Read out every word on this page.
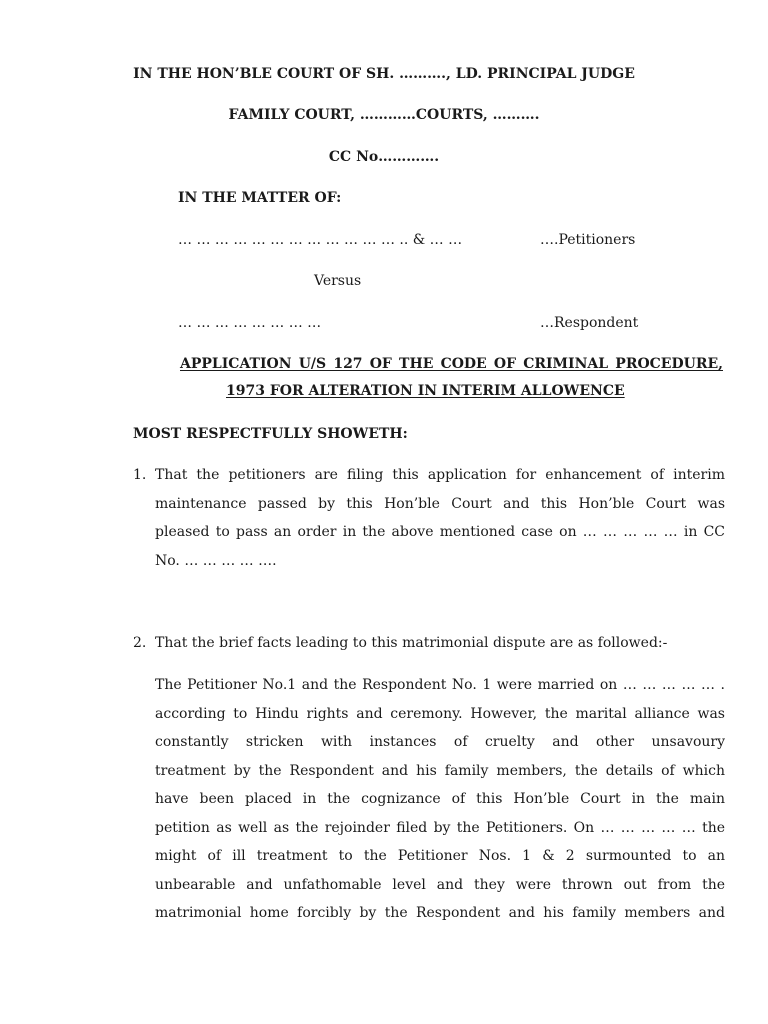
IN THE HON’BLE COURT OF SH. ………., LD. PRINCIPAL JUDGE
FAMILY COURT, …………COURTS, ……….
CC No………….
IN THE MATTER OF:
… … … … … … … … … … … … .. & … …	….Petitioners
Versus
… … … … … … … …	…Respondent
APPLICATION U/S 127 OF THE CODE OF CRIMINAL PROCEDURE,
1973 FOR ALTERATION IN INTERIM ALLOWENCE
MOST RESPECTFULLY SHOWETH:
1. That the petitioners are filing this application for enhancement of interim
maintenance passed by this Hon’ble Court and this Hon’ble Court was
pleased to pass an order in the above mentioned case on … … … … … in CC
No. … … … … ….
2. That the brief facts leading to this matrimonial dispute are as followed:-
The Petitioner No.1 and the Respondent No. 1 were married on … … … … … .
according to Hindu rights and ceremony. However, the marital alliance was
constantly stricken with instances of cruelty and other unsavoury
treatment by the Respondent and his family members, the details of which
have been placed in the cognizance of this Hon’ble Court in the main
petition as well as the rejoinder filed by the Petitioners. On … … … … … the
might of ill treatment to the Petitioner Nos. 1 & 2 surmounted to an
unbearable and unfathomable level and they were thrown out from the
matrimonial home forcibly by the Respondent and his family members and
